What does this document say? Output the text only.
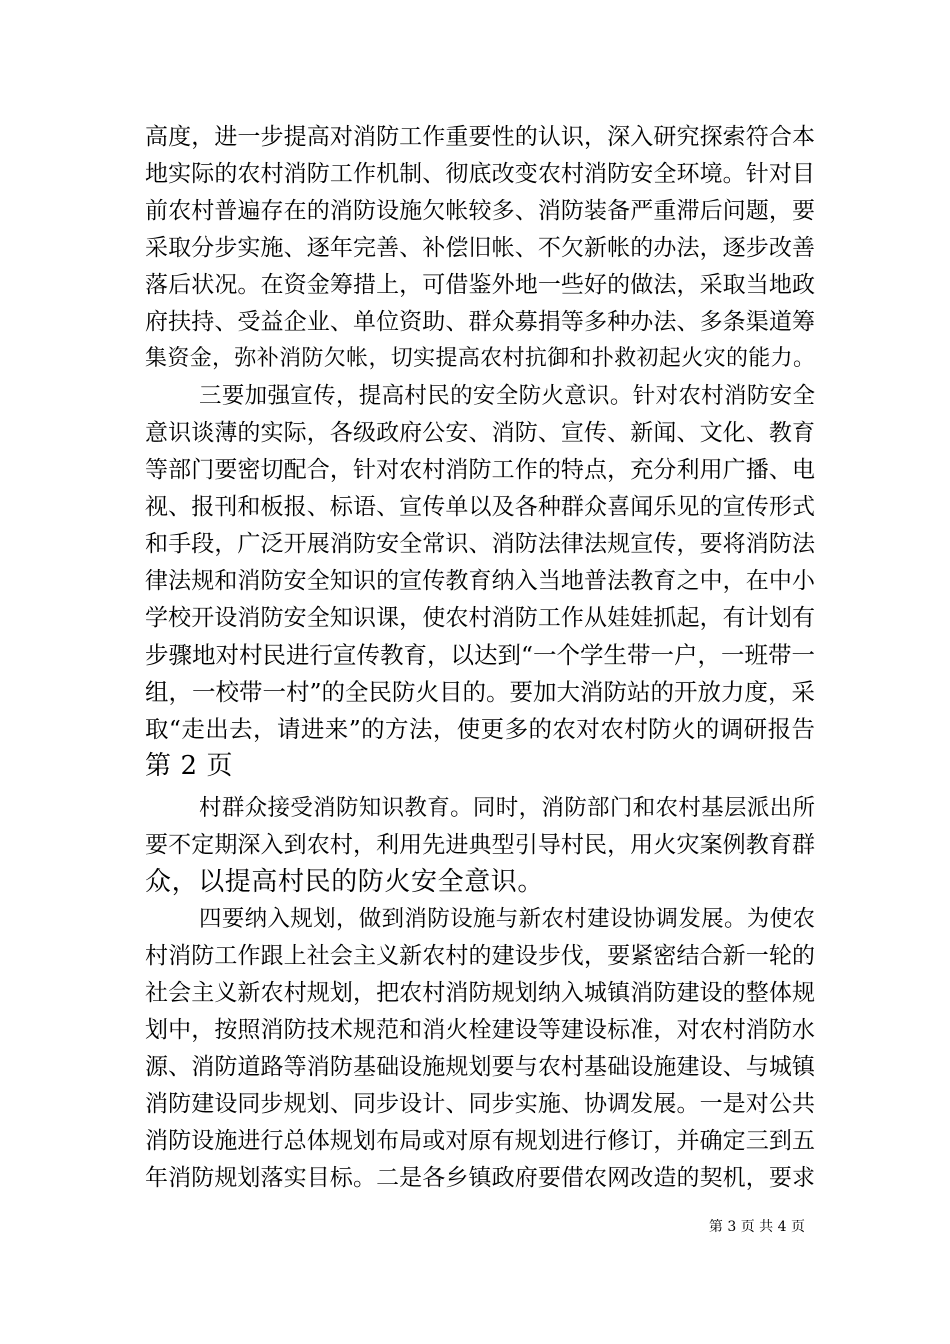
高度，进一步提高对消防工作重要性的认识，深入研究探索符合本
地实际的农村消防工作机制、彻底改变农村消防安全环境。针对目
前农村普遍存在的消防设施欠帐较多、消防装备严重滞后问题，要
采取分步实施、逐年完善、补偿旧帐、不欠新帐的办法，逐步改善
落后状况。在资金筹措上，可借鉴外地一些好的做法，采取当地政
府扶持、受益企业、单位资助、群众募捐等多种办法、多条渠道筹
集资金，弥补消防欠帐，切实提高农村抗御和扑救初起火灾的能力。
三要加强宣传，提高村民的安全防火意识。针对农村消防安全
意识谈薄的实际，各级政府公安、消防、宣传、新闻、文化、教育
等部门要密切配合，针对农村消防工作的特点，充分利用广播、电
视、报刊和板报、标语、宣传单以及各种群众喜闻乐见的宣传形式
和手段，广泛开展消防安全常识、消防法律法规宣传，要将消防法
律法规和消防安全知识的宣传教育纳入当地普法教育之中，在中小
学校开设消防安全知识课，使农村消防工作从娃娃抓起，有计划有
步骤地对村民进行宣传教育，以达到“一个学生带一户，一班带一
组，一校带一村”的全民防火目的。要加大消防站的开放力度，采
取“走出去，请进来”的方法，使更多的农对农村防火的调研报告
第 2 页
村群众接受消防知识教育。同时，消防部门和农村基层派出所
要不定期深入到农村，利用先进典型引导村民，用火灾案例教育群
众，以提高村民的防火安全意识。
四要纳入规划，做到消防设施与新农村建设协调发展。为使农
村消防工作跟上社会主义新农村的建设步伐，要紧密结合新一轮的
社会主义新农村规划，把农村消防规划纳入城镇消防建设的整体规
划中，按照消防技术规范和消火栓建设等建设标准，对农村消防水
源、消防道路等消防基础设施规划要与农村基础设施建设、与城镇
消防建设同步规划、同步设计、同步实施、协调发展。一是对公共
消防设施进行总体规划布局或对原有规划进行修订，并确定三到五
年消防规划落实目标。二是各乡镇政府要借农网改造的契机，要求
第 3 页 共 4 页
